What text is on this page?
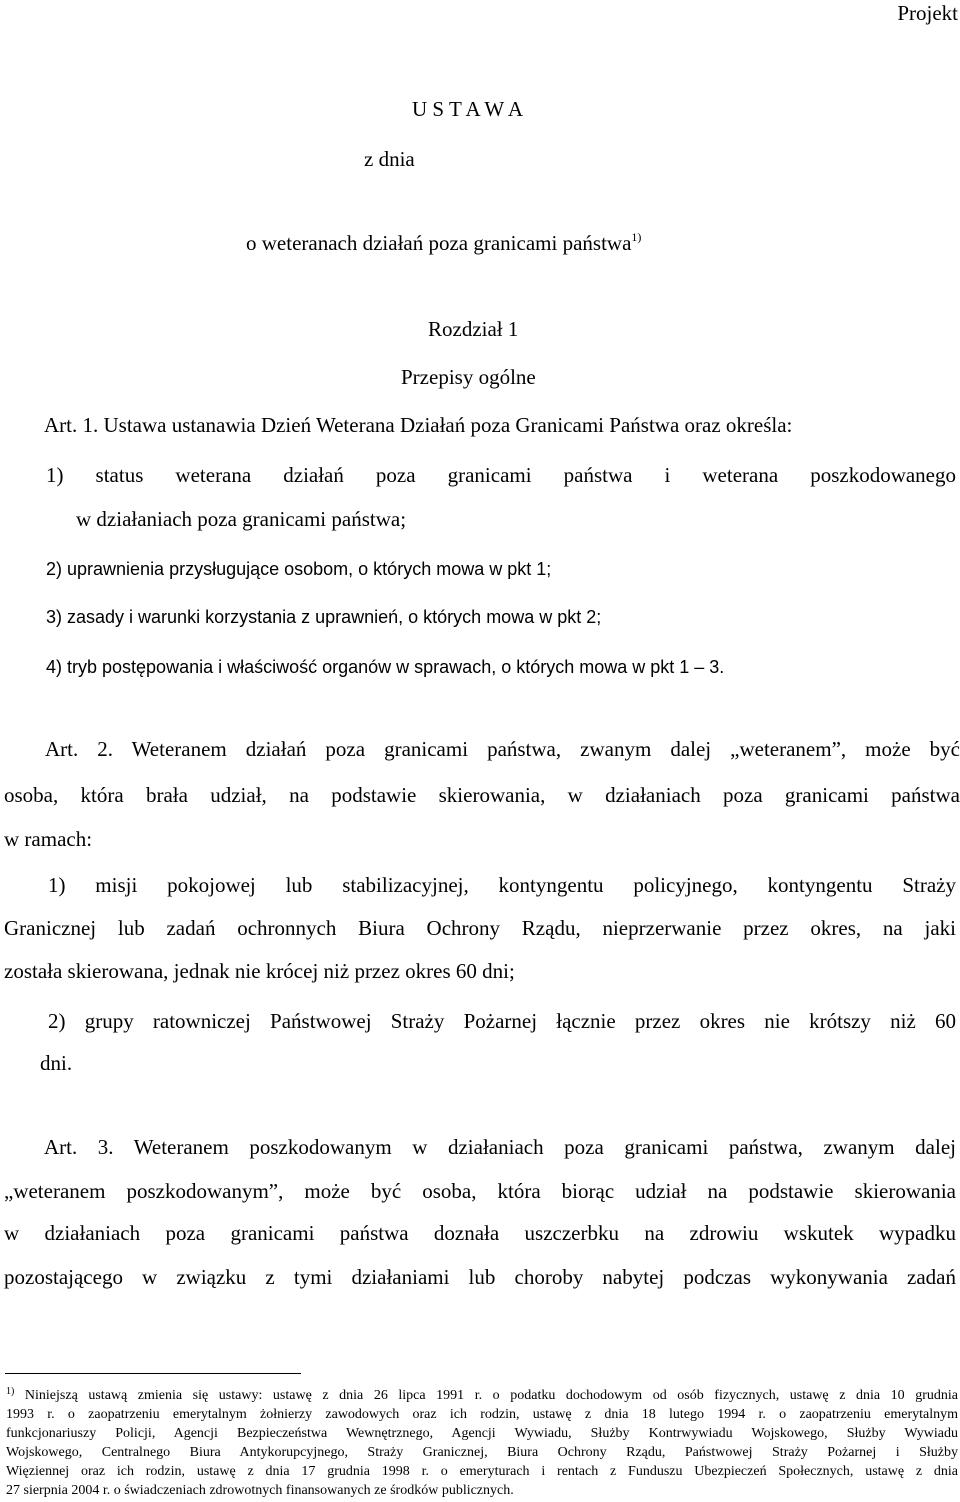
Projekt
U S T A W A
z dnia
o weteranach działań poza granicami państwa$^{1)}$
Rozdział 1
Przepisy ogólne
Art. 1. Ustawa ustanawia Dzień Weterana Działań poza Granicami Państwa oraz określa:
1) status weterana działań poza granicami państwa i weterana poszkodowanego
w działaniach poza granicami państwa;
2) uprawnienia przysługujące osobom, o których mowa w pkt 1;
3) zasady i warunki korzystania z uprawnień, o których mowa w pkt 2;
4) tryb postępowania i właściwość organów w sprawach, o których mowa w pkt 1 – 3.
Art. 2. Weteranem działań poza granicami państwa, zwanym dalej „weteranem”, może być
osoba, która brała udział, na podstawie skierowania, w działaniach poza granicami państwa
w ramach:
1) misji pokojowej lub stabilizacyjnej, kontyngentu policyjnego, kontyngentu Straży
Granicznej lub zadań ochronnych Biura Ochrony Rządu, nieprzerwanie przez okres, na jaki
została skierowana, jednak nie krócej niż przez okres 60 dni;
2) grupy ratowniczej Państwowej Straży Pożarnej łącznie przez okres nie krótszy niż 60
dni.
Art. 3. Weteranem poszkodowanym w działaniach poza granicami państwa, zwanym dalej
„weteranem poszkodowanym”, może być osoba, która biorąc udział na podstawie skierowania
w działaniach poza granicami państwa doznała uszczerbku na zdrowiu wskutek wypadku
pozostającego w związku z tymi działaniami lub choroby nabytej podczas wykonywania zadań
$^{1)}$ Niniejszą ustawą zmienia się ustawy: ustawę z dnia 26 lipca 1991 r. o podatku dochodowym od osób fizycznych, ustawę z dnia 10 grudnia
1993 r. o zaopatrzeniu emerytalnym żołnierzy zawodowych oraz ich rodzin, ustawę z dnia 18 lutego 1994 r. o zaopatrzeniu emerytalnym
funkcjonariuszy Policji, Agencji Bezpieczeństwa Wewnętrznego, Agencji Wywiadu, Służby Kontrwywiadu Wojskowego, Służby Wywiadu
Wojskowego, Centralnego Biura Antykorupcyjnego, Straży Granicznej, Biura Ochrony Rządu, Państwowej Straży Pożarnej i Służby
Więziennej oraz ich rodzin, ustawę z dnia 17 grudnia 1998 r. o emeryturach i rentach z Funduszu Ubezpieczeń Społecznych, ustawę z dnia
27 sierpnia 2004 r. o świadczeniach zdrowotnych finansowanych ze środków publicznych.
